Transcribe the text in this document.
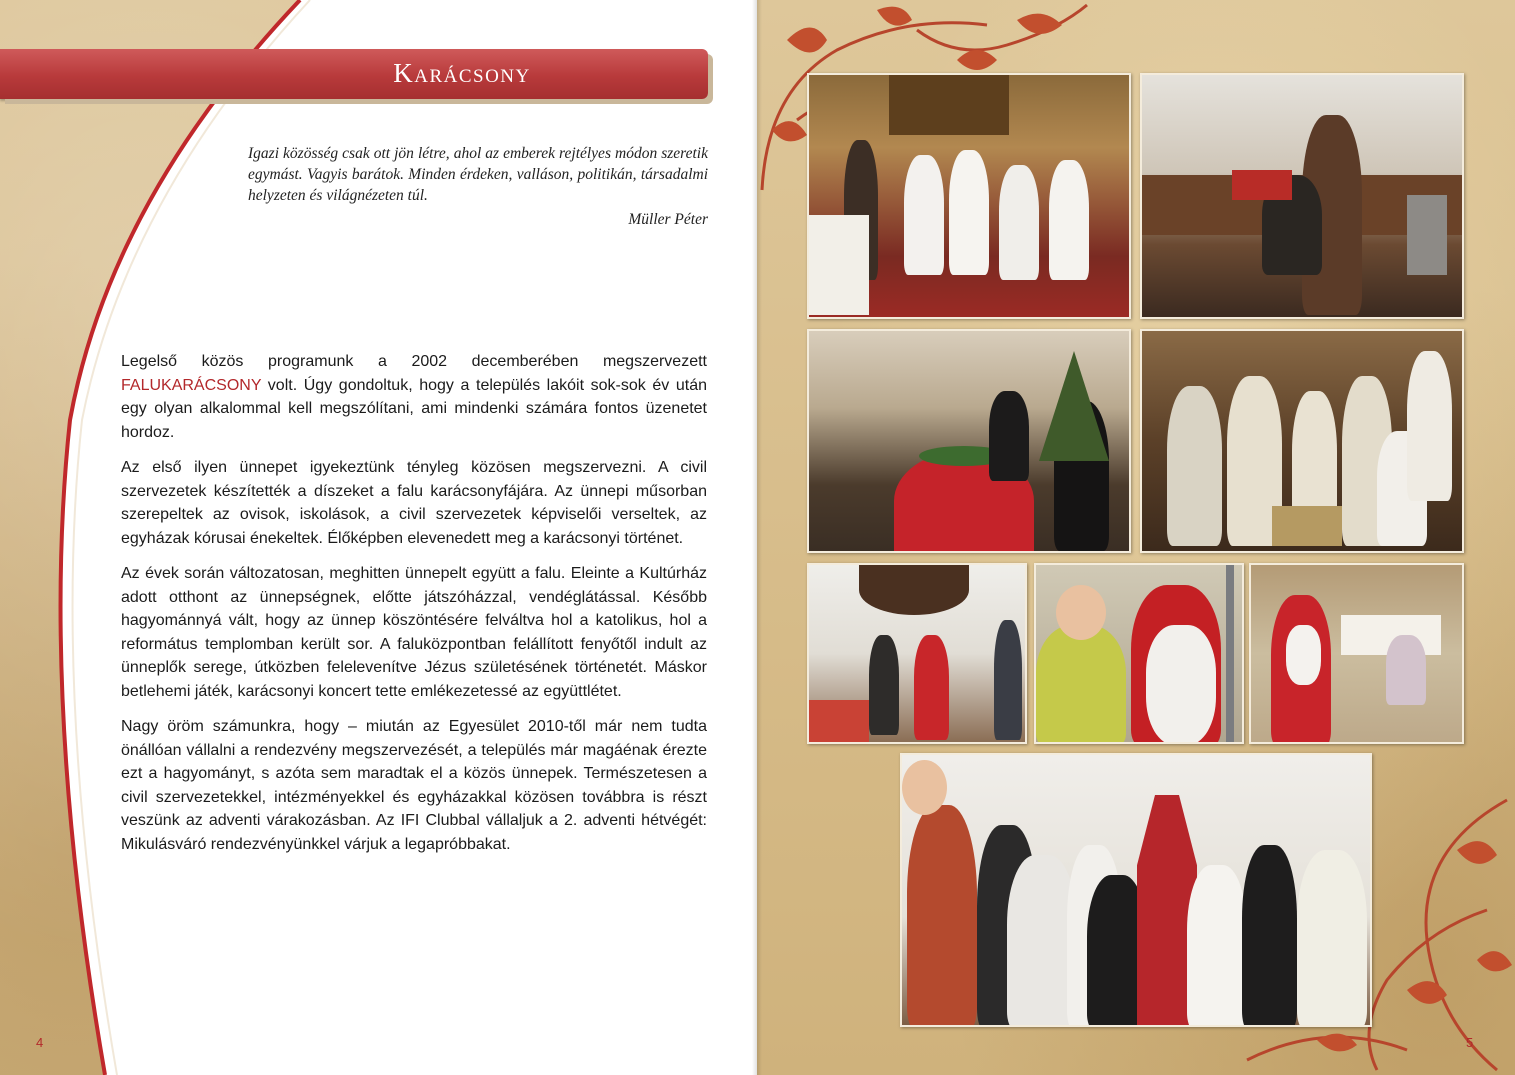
Karácsony
Igazi közösség csak ott jön létre, ahol az emberek rejtélyes módon szeretik egymást. Vagyis barátok. Minden érdeken, valláson, politikán, társadalmi helyzeten és világnézeten túl.
Müller Péter

Legelső közös programunk a 2002 decemberében megszervezett FALUKARÁCSONY volt. Úgy gondoltuk, hogy a település lakóit sok-sok év után egy olyan alkalommal kell megszólítani, ami mindenki számára fontos üzenetet hordoz.

Az első ilyen ünnepet igyekeztünk tényleg közösen megszervezni. A civil szervezetek készítették a díszeket a falu karácsonyfájára. Az ünnepi műsorban szerepeltek az ovisok, iskolások, a civil szervezetek képviselői verseltek, az egyházak kórusai énekeltek. Élőképben elevenedett meg a karácsonyi történet.

Az évek során változatosan, meghitten ünnepelt együtt a falu. Eleinte a Kultúrház adott otthont az ünnepségnek, előtte játszóházzal, vendéglátással. Később hagyománnyá vált, hogy az ünnep köszöntésére felváltva hol a katolikus, hol a református templomban került sor. A faluközpontban felállított fenyőtől indult az ünneplők serege, útközben felelevenítve Jézus születésének történetét. Máskor betlehemi játék, karácsonyi koncert tette emlékezetessé az együttlétet.

Nagy öröm számunkra, hogy – miután az Egyesület 2010-től már nem tudta önállóan vállalni a rendezvény megszervezését, a település már magáénak érezte ezt a hagyományt, s azóta sem maradtak el a közös ünnepek. Természetesen a civil szervezetekkel, intézményekkel és egyházakkal közösen továbbra is részt veszünk az adventi várakozásban. Az IFI Clubbal vállaljuk a 2. adventi hétvégét: Mikulásváró rendezvényünkkel várjuk a legapróbbakat.

4	5
